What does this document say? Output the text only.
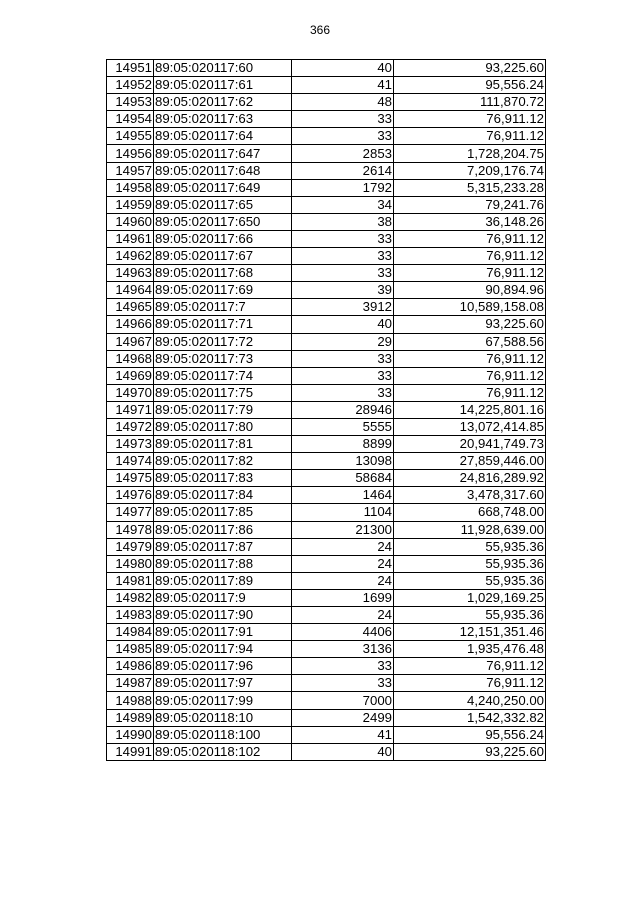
366
14951	89:05:020117:60	40	93,225.60
14952	89:05:020117:61	41	95,556.24
14953	89:05:020117:62	48	111,870.72
14954	89:05:020117:63	33	76,911.12
14955	89:05:020117:64	33	76,911.12
14956	89:05:020117:647	2853	1,728,204.75
14957	89:05:020117:648	2614	7,209,176.74
14958	89:05:020117:649	1792	5,315,233.28
14959	89:05:020117:65	34	79,241.76
14960	89:05:020117:650	38	36,148.26
14961	89:05:020117:66	33	76,911.12
14962	89:05:020117:67	33	76,911.12
14963	89:05:020117:68	33	76,911.12
14964	89:05:020117:69	39	90,894.96
14965	89:05:020117:7	3912	10,589,158.08
14966	89:05:020117:71	40	93,225.60
14967	89:05:020117:72	29	67,588.56
14968	89:05:020117:73	33	76,911.12
14969	89:05:020117:74	33	76,911.12
14970	89:05:020117:75	33	76,911.12
14971	89:05:020117:79	28946	14,225,801.16
14972	89:05:020117:80	5555	13,072,414.85
14973	89:05:020117:81	8899	20,941,749.73
14974	89:05:020117:82	13098	27,859,446.00
14975	89:05:020117:83	58684	24,816,289.92
14976	89:05:020117:84	1464	3,478,317.60
14977	89:05:020117:85	1104	668,748.00
14978	89:05:020117:86	21300	11,928,639.00
14979	89:05:020117:87	24	55,935.36
14980	89:05:020117:88	24	55,935.36
14981	89:05:020117:89	24	55,935.36
14982	89:05:020117:9	1699	1,029,169.25
14983	89:05:020117:90	24	55,935.36
14984	89:05:020117:91	4406	12,151,351.46
14985	89:05:020117:94	3136	1,935,476.48
14986	89:05:020117:96	33	76,911.12
14987	89:05:020117:97	33	76,911.12
14988	89:05:020117:99	7000	4,240,250.00
14989	89:05:020118:10	2499	1,542,332.82
14990	89:05:020118:100	41	95,556.24
14991	89:05:020118:102	40	93,225.60
